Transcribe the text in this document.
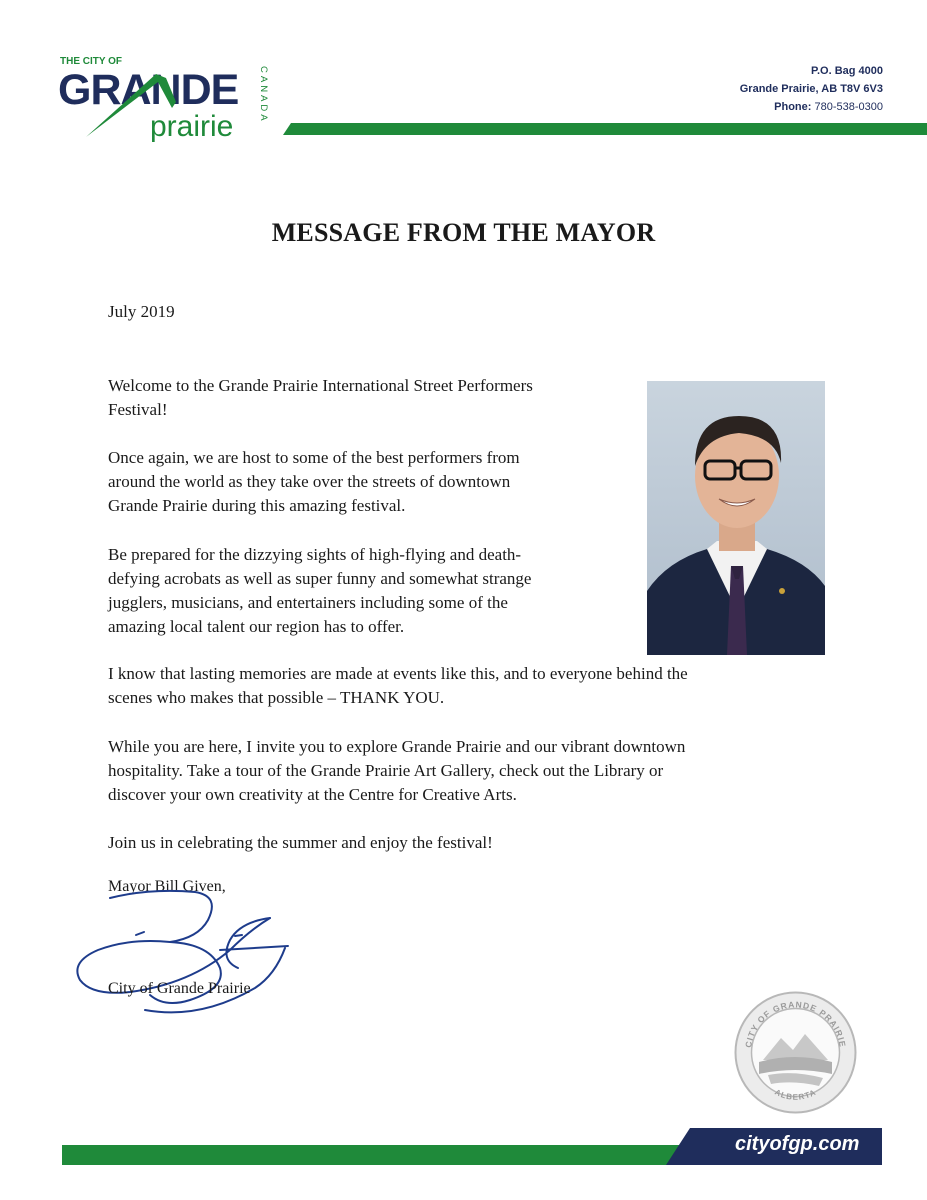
THE CITY OF
GRANDE
prairie
CANADA	P.O. Bag 4000
Grande Prairie, AB T8V 6V3
Phone: 780-538-0300
MESSAGE FROM THE MAYOR
July 2019

Welcome to the Grande Prairie International Street Performers
Festival!

Once again, we are host to some of the best performers from
around the world as they take over the streets of downtown
Grande Prairie during this amazing festival.

Be prepared for the dizzying sights of high-flying and death-
defying acrobats as well as super funny and somewhat strange
jugglers, musicians, and entertainers including some of the
amazing local talent our region has to offer.

I know that lasting memories are made at events like this, and to everyone behind the
scenes who makes that possible – THANK YOU.

While you are here, I invite you to explore Grande Prairie and our vibrant downtown
hospitality. Take a tour of the Grande Prairie Art Gallery, check out the Library or
discover your own creativity at the Centre for Creative Arts.

Join us in celebrating the summer and enjoy the festival!

Mayor Bill Given,
City of Grande Prairie
CITY OF GRANDE PRAIRIE
ALBERTA
cityofgp.com
